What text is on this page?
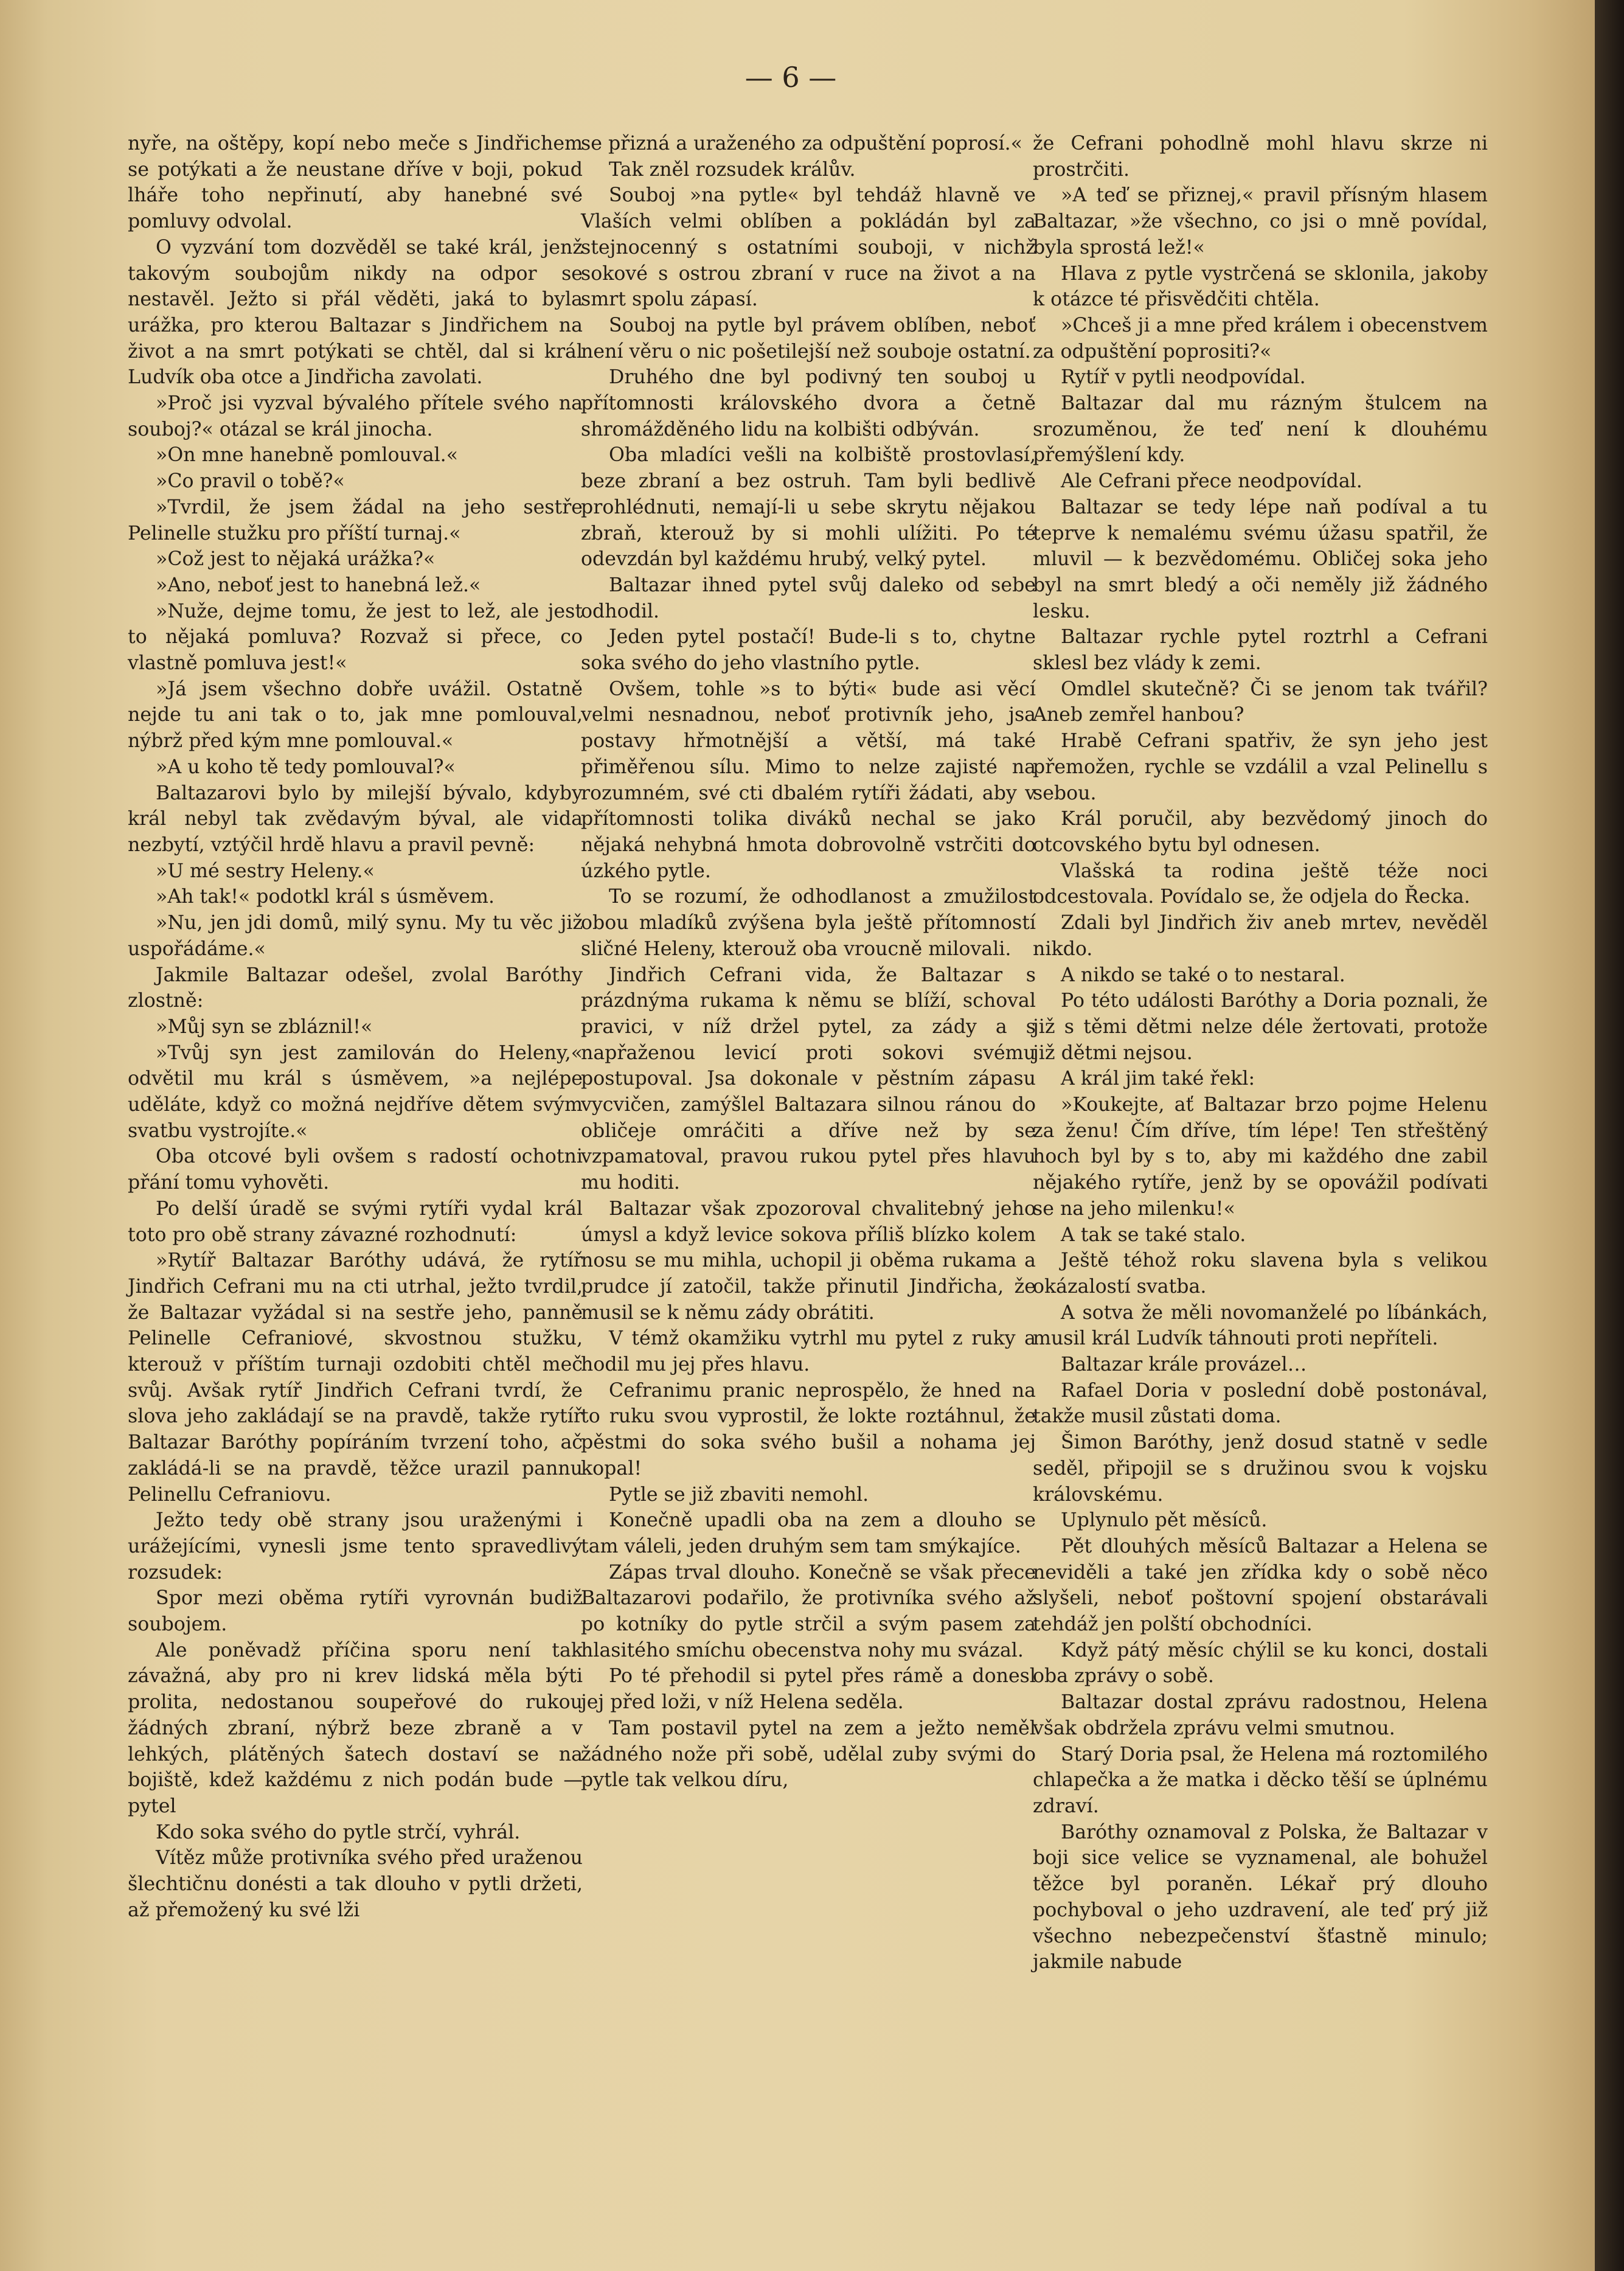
— 6 —

nyře, na oštěpy, kopí nebo meče s Jindřichem se potýkati a že neustane dříve v boji, pokud lháře toho nepřinutí, aby hanebné své pomluvy odvolal.

O vyzvání tom dozvěděl se také král, jenž takovým soubojům nikdy na odpor se nestavěl. Ježto si přál věděti, jaká to byla urážka, pro kterou Baltazar s Jindřichem na život a na smrt potýkati se chtěl, dal si král Ludvík oba otce a Jindřicha zavolati.

»Proč jsi vyzval bývalého přítele svého na souboj?« otázal se král jinocha.

»On mne hanebně pomlouval.«

»Co pravil o tobě?«

»Tvrdil, že jsem žádal na jeho sestře Pelinelle stužku pro příští turnaj.«

»Což jest to nějaká urážka?«

»Ano, neboť jest to hanebná lež.«

»Nuže, dejme tomu, že jest to lež, ale jest to nějaká pomluva? Rozvaž si přece, co vlastně pomluva jest!«

»Já jsem všechno dobře uvážil. Ostatně nejde tu ani tak o to, jak mne pomlouval, nýbrž před kým mne pomlouval.«

»A u koho tě tedy pomlouval?«

Baltazarovi bylo by milejší bývalo, kdyby král nebyl tak zvědavým býval, ale vida nezbytí, vztýčil hrdě hlavu a pravil pevně:

»U mé sestry Heleny.«

»Ah tak!« podotkl král s úsměvem.

»Nu, jen jdi domů, milý synu. My tu věc již uspořádáme.«

Jakmile Baltazar odešel, zvolal Baróthy zlostně:

»Můj syn se zbláznil!«

»Tvůj syn jest zamilován do Heleny,« odvětil mu král s úsměvem, »a nejlépe uděláte, když co možná nejdříve dětem svým svatbu vystrojíte.«

Oba otcové byli ovšem s radostí ochotni přání tomu vyhověti.

Po delší úradě se svými rytíři vydal král toto pro obě strany závazné rozhodnutí:

»Rytíř Baltazar Baróthy udává, že rytíř Jindřich Cefrani mu na cti utrhal, ježto tvrdil, že Baltazar vyžádal si na sestře jeho, panně Pelinelle Cefraniové, skvostnou stužku, kterouž v příštím turnaji ozdobiti chtěl meč svůj. Avšak rytíř Jindřich Cefrani tvrdí, že slova jeho zakládají se na pravdě, takže rytíř Baltazar Baróthy popíráním tvrzení toho, ač zakládá-li se na pravdě, těžce urazil pannu Pelinellu Cefraniovu.

Ježto tedy obě strany jsou uraženými i urážejícími, vynesli jsme tento spravedlivý rozsudek:

Spor mezi oběma rytíři vyrovnán budiž soubojem.

Ale poněvadž příčina sporu není tak závažná, aby pro ni krev lidská měla býti prolita, nedostanou soupeřové do rukou žádných zbraní, nýbrž beze zbraně a v lehkých, plátěných šatech dostaví se na bojiště, kdež každému z nich podán bude — pytel

Kdo soka svého do pytle strčí, vyhrál.

Vítěz může protivníka svého před uraženou šlechtičnu donésti a tak dlouho v pytli držeti, až přemožený ku své lži

se přizná a uraženého za odpuštění poprosí.«

Tak zněl rozsudek králův.

Souboj »na pytle« byl tehdáž hlavně ve Vlaších velmi oblíben a pokládán byl za stejnocenný s ostatními souboji, v nichž sokové s ostrou zbraní v ruce na život a na smrt spolu zápasí.

Souboj na pytle byl právem oblíben, neboť není věru o nic pošetilejší než souboje ostatní.

Druhého dne byl podivný ten souboj u přítomnosti královského dvora a četně shromážděného lidu na kolbišti odbýván.

Oba mladíci vešli na kolbiště prostovlasí, beze zbraní a bez ostruh. Tam byli bedlivě prohlédnuti, nemají-li u sebe skrytu nějakou zbraň, kterouž by si mohli ulížiti. Po té odevzdán byl každému hrubý, velký pytel.

Baltazar ihned pytel svůj daleko od sebe odhodil.

Jeden pytel postačí! Bude-li s to, chytne soka svého do jeho vlastního pytle.

Ovšem, tohle »s to býti« bude asi věcí velmi nesnadnou, neboť protivník jeho, jsa postavy hřmotnější a větší, má také přiměřenou sílu. Mimo to nelze zajisté na rozumném, své cti dbalém rytíři žádati, aby v přítomnosti tolika diváků nechal se jako nějaká nehybná hmota dobrovolně vstrčiti do úzkého pytle.

To se rozumí, že odhodlanost a zmužilost obou mladíků zvýšena byla ještě přítomností sličné Heleny, kterouž oba vroucně milovali.

Jindřich Cefrani vida, že Baltazar s prázdnýma rukama k němu se blíží, schoval pravici, v níž držel pytel, za zády a s napřaženou levicí proti sokovi svému postupoval. Jsa dokonale v pěstním zápasu vycvičen, zamýšlel Baltazara silnou ránou do obličeje omráčiti a dříve než by se vzpamatoval, pravou rukou pytel přes hlavu mu hoditi.

Baltazar však zpozoroval chvalitebný jeho úmysl a když levice sokova příliš blízko kolem nosu se mu mihla, uchopil ji oběma rukama a prudce jí zatočil, takže přinutil Jindřicha, že musil se k němu zády obrátiti.

V témž okamžiku vytrhl mu pytel z ruky a hodil mu jej přes hlavu.

Cefranimu pranic neprospělo, že hned na to ruku svou vyprostil, že lokte roztáhnul, že pěstmi do soka svého bušil a nohama jej kopal!

Pytle se již zbaviti nemohl.

Konečně upadli oba na zem a dlouho se tam váleli, jeden druhým sem tam smýkajíce.

Zápas trval dlouho. Konečně se však přece Baltazarovi podařilo, že protivníka svého až po kotníky do pytle strčil a svým pasem za hlasitého smíchu obecenstva nohy mu svázal.

Po té přehodil si pytel přes rámě a donesl jej před loži, v níž Helena seděla.

Tam postavil pytel na zem a ježto neměl žádného nože při sobě, udělal zuby svými do pytle tak velkou díru,

že Cefrani pohodlně mohl hlavu skrze ni prostrčiti.

»A teď se přiznej,« pravil přísným hlasem Baltazar, »že všechno, co jsi o mně povídal, byla sprostá lež!«

Hlava z pytle vystrčená se sklonila, jakoby k otázce té přisvědčiti chtěla.

»Chceš ji a mne před králem i obecenstvem za odpuštění poprositi?«

Rytíř v pytli neodpovídal.

Baltazar dal mu rázným štulcem na srozuměnou, že teď není k dlouhému přemýšlení kdy.

Ale Cefrani přece neodpovídal.

Baltazar se tedy lépe naň podíval a tu teprve k nemalému svému úžasu spatřil, že mluvil — k bezvědomému. Obličej soka jeho byl na smrt bledý a oči neměly již žádného lesku.

Baltazar rychle pytel roztrhl a Cefrani sklesl bez vlády k zemi.

Omdlel skutečně? Či se jenom tak tvářil? Aneb zemřel hanbou?

Hrabě Cefrani spatřiv, že syn jeho jest přemožen, rychle se vzdálil a vzal Pelinellu s sebou.

Král poručil, aby bezvědomý jinoch do otcovského bytu byl odnesen.

Vlašská ta rodina ještě téže noci odcestovala. Povídalo se, že odjela do Řecka.

Zdali byl Jindřich živ aneb mrtev, nevěděl nikdo.

A nikdo se také o to nestaral.

Po této události Baróthy a Doria poznali, že již s těmi dětmi nelze déle žertovati, protože již dětmi nejsou.

A král jim také řekl:

»Koukejte, ať Baltazar brzo pojme Helenu za ženu! Čím dříve, tím lépe! Ten střeštěný hoch byl by s to, aby mi každého dne zabil nějakého rytíře, jenž by se opovážil podívati se na jeho milenku!«

A tak se také stalo.

Ještě téhož roku slavena byla s velikou okázalostí svatba.

A sotva že měli novomanželé po líbánkách, musil král Ludvík táhnouti proti nepříteli.

Baltazar krále provázel…

Rafael Doria v poslední době postonával, takže musil zůstati doma.

Šimon Baróthy, jenž dosud statně v sedle seděl, připojil se s družinou svou k vojsku královskému.

Uplynulo pět měsíců.

Pět dlouhých měsíců Baltazar a Helena se neviděli a také jen zřídka kdy o sobě něco slyšeli, neboť poštovní spojení obstarávali tehdáž jen polští obchodníci.

Když pátý měsíc chýlil se ku konci, dostali oba zprávy o sobě.

Baltazar dostal zprávu radostnou, Helena však obdržela zprávu velmi smutnou.

Starý Doria psal, že Helena má roztomilého chlapečka a že matka i děcko těší se úplnému zdraví.

Baróthy oznamoval z Polska, že Baltazar v boji sice velice se vyznamenal, ale bohužel těžce byl poraněn. Lékař prý dlouho pochyboval o jeho uzdravení, ale teď prý již všechno nebezpečenství šťastně minulo; jakmile nabude
